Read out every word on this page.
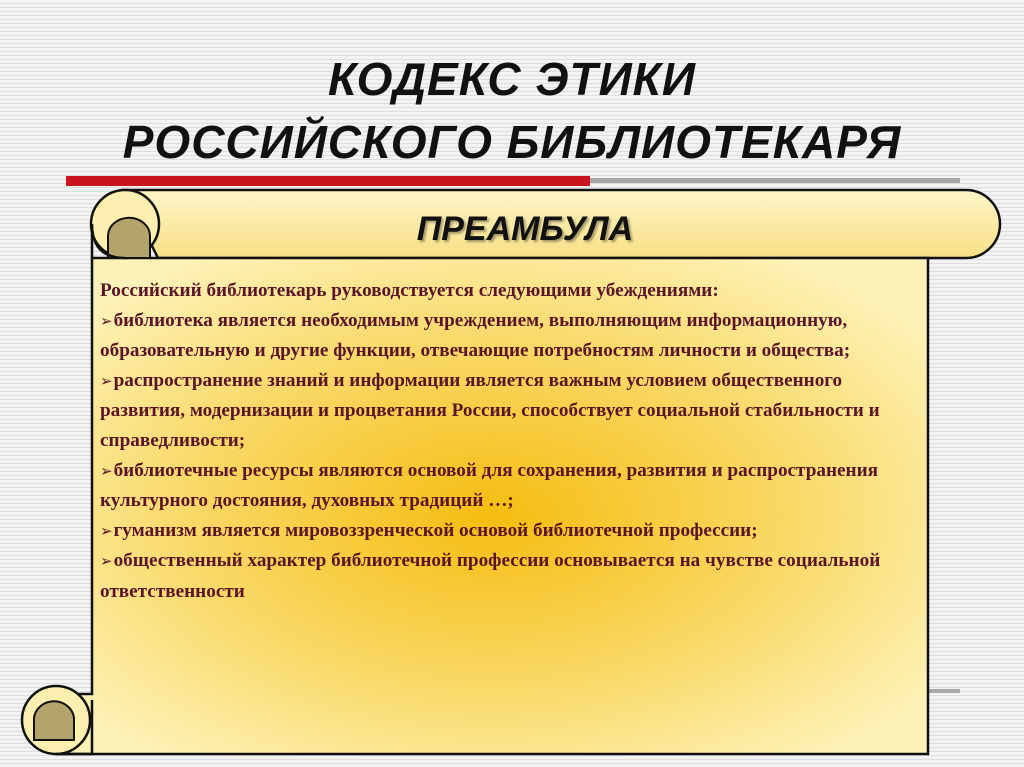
КОДЕКС ЭТИКИ
РОССИЙСКОГО БИБЛИОТЕКАРЯ
ПРЕАМБУЛА

Российский библиотекарь руководствуется следующими убеждениями:

➢библиотека является необходимым учреждением, выполняющим информационную, образовательную и другие функции, отвечающие потребностям личности и общества;
➢распространение знаний и информации является важным условием общественного развития, модернизации и процветания России, способствует социальной стабильности и справедливости;
➢библиотечные ресурсы являются основой для сохранения, развития и распространения культурного достояния, духовных традиций …;
➢гуманизм является мировоззренческой основой библиотечной профессии;
➢общественный характер библиотечной профессии основывается на чувстве социальной ответственности
